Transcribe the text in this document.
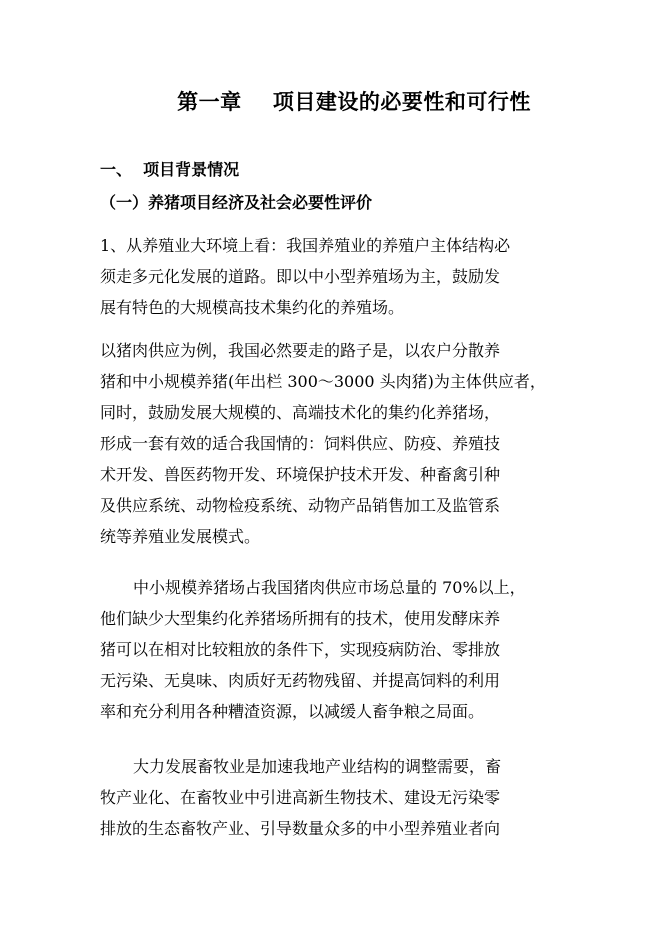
第一章    项目建设的必要性和可行性
一、  项目背景情况
（一）养猪项目经济及社会必要性评价
1、从养殖业大环境上看：我国养殖业的养殖户主体结构必
须走多元化发展的道路。即以中小型养殖场为主，鼓励发
展有特色的大规模高技术集约化的养殖场。
以猪肉供应为例，我国必然要走的路子是，以农户分散养
猪和中小规模养猪(年出栏 300～3000 头肉猪)为主体供应者，
同时，鼓励发展大规模的、高端技术化的集约化养猪场，
形成一套有效的适合我国情的：饲料供应、防疫、养殖技
术开发、兽医药物开发、环境保护技术开发、种畜禽引种
及供应系统、动物检疫系统、动物产品销售加工及监管系
统等养殖业发展模式。
中小规模养猪场占我国猪肉供应市场总量的 70%以上，
他们缺少大型集约化养猪场所拥有的技术，使用发酵床养
猪可以在相对比较粗放的条件下，实现疫病防治、零排放
无污染、无臭味、肉质好无药物残留、并提高饲料的利用
率和充分利用各种糟渣资源，以减缓人畜争粮之局面。
大力发展畜牧业是加速我地产业结构的调整需要，畜
牧产业化、在畜牧业中引进高新生物技术、建设无污染零
排放的生态畜牧产业、引导数量众多的中小型养殖业者向
